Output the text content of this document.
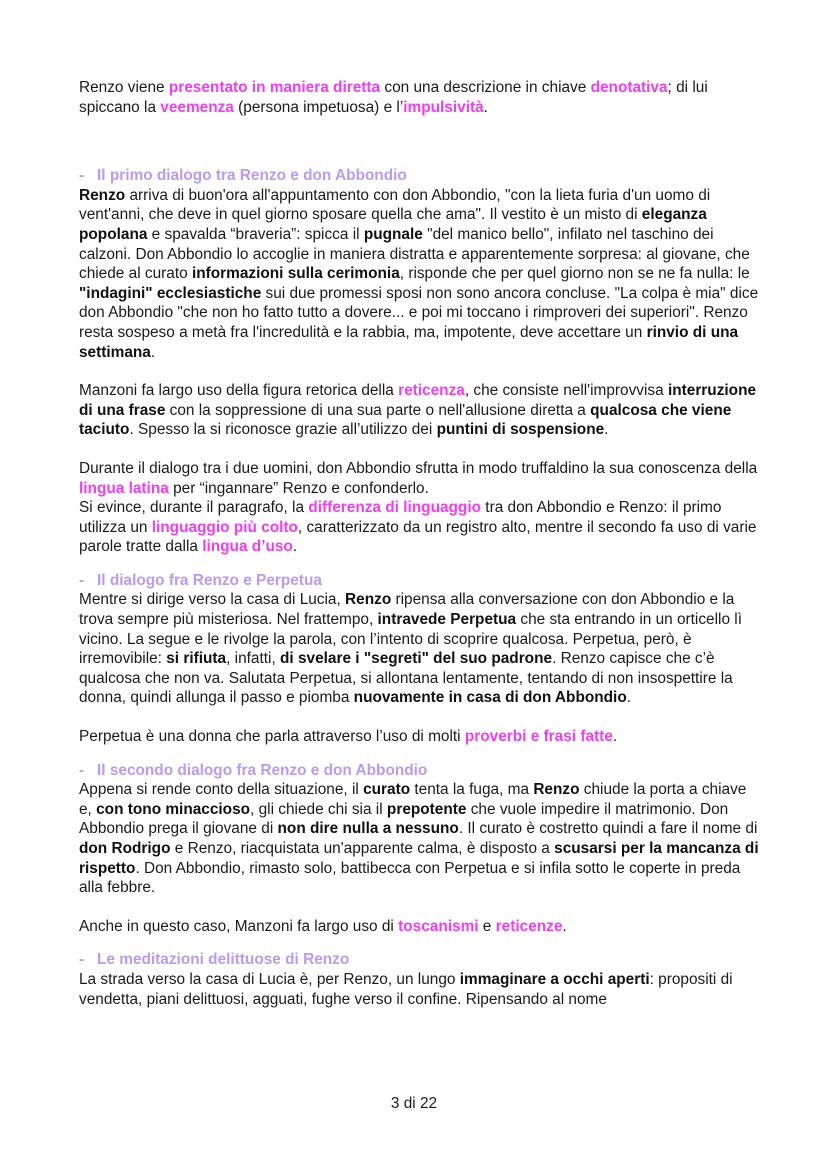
Renzo viene presentato in maniera diretta con una descrizione in chiave denotativa; di lui spiccano la veemenza (persona impetuosa) e l’impulsività.

- Il primo dialogo tra Renzo e don Abbondio

Renzo arriva di buon'ora all'appuntamento con don Abbondio, "con la lieta furia d'un uomo di vent'anni, che deve in quel giorno sposare quella che ama". Il vestito è un misto di eleganza popolana e spavalda “braveria”: spicca il pugnale "del manico bello", infilato nel taschino dei calzoni. Don Abbondio lo accoglie in maniera distratta e apparentemente sorpresa: al giovane, che chiede al curato informazioni sulla cerimonia, risponde che per quel giorno non se ne fa nulla: le "indagini" ecclesiastiche sui due promessi sposi non sono ancora concluse. "La colpa è mia" dice don Abbondio "che non ho fatto tutto a dovere... e poi mi toccano i rimproveri dei superiori". Renzo resta sospeso a metà fra l'incredulità e la rabbia, ma, impotente, deve accettare un rinvio di una settimana.

Manzoni fa largo uso della figura retorica della reticenza, che consiste nell'improvvisa interruzione di una frase con la soppressione di una sua parte o nell'allusione diretta a qualcosa che viene taciuto. Spesso la si riconosce grazie all’utilizzo dei puntini di sospensione.

Durante il dialogo tra i due uomini, don Abbondio sfrutta in modo truffaldino la sua conoscenza della lingua latina per “ingannare” Renzo e confonderlo.

Si evince, durante il paragrafo, la differenza di linguaggio tra don Abbondio e Renzo: il primo utilizza un linguaggio più colto, caratterizzato da un registro alto, mentre il secondo fa uso di varie parole tratte dalla lingua d’uso.

- Il dialogo fra Renzo e Perpetua

Mentre si dirige verso la casa di Lucia, Renzo ripensa alla conversazione con don Abbondio e la trova sempre più misteriosa. Nel frattempo, intravede Perpetua che sta entrando in un orticello lì vicino. La segue e le rivolge la parola, con l’intento di scoprire qualcosa. Perpetua, però, è irremovibile: si rifiuta, infatti, di svelare i "segreti" del suo padrone. Renzo capisce che c’è qualcosa che non va. Salutata Perpetua, si allontana lentamente, tentando di non insospettire la donna, quindi allunga il passo e piomba nuovamente in casa di don Abbondio.

Perpetua è una donna che parla attraverso l’uso di molti proverbi e frasi fatte.

- Il secondo dialogo fra Renzo e don Abbondio

Appena si rende conto della situazione, il curato tenta la fuga, ma Renzo chiude la porta a chiave e, con tono minaccioso, gli chiede chi sia il prepotente che vuole impedire il matrimonio. Don Abbondio prega il giovane di non dire nulla a nessuno. Il curato è costretto quindi a fare il nome di don Rodrigo e Renzo, riacquistata un'apparente calma, è disposto a scusarsi per la mancanza di rispetto. Don Abbondio, rimasto solo, battibecca con Perpetua e si infila sotto le coperte in preda alla febbre.

Anche in questo caso, Manzoni fa largo uso di toscanismi e reticenze.

- Le meditazioni delittuose di Renzo

La strada verso la casa di Lucia è, per Renzo, un lungo immaginare a occhi aperti: propositi di vendetta, piani delittuosi, agguati, fughe verso il confine. Ripensando al nome

3 di 22
